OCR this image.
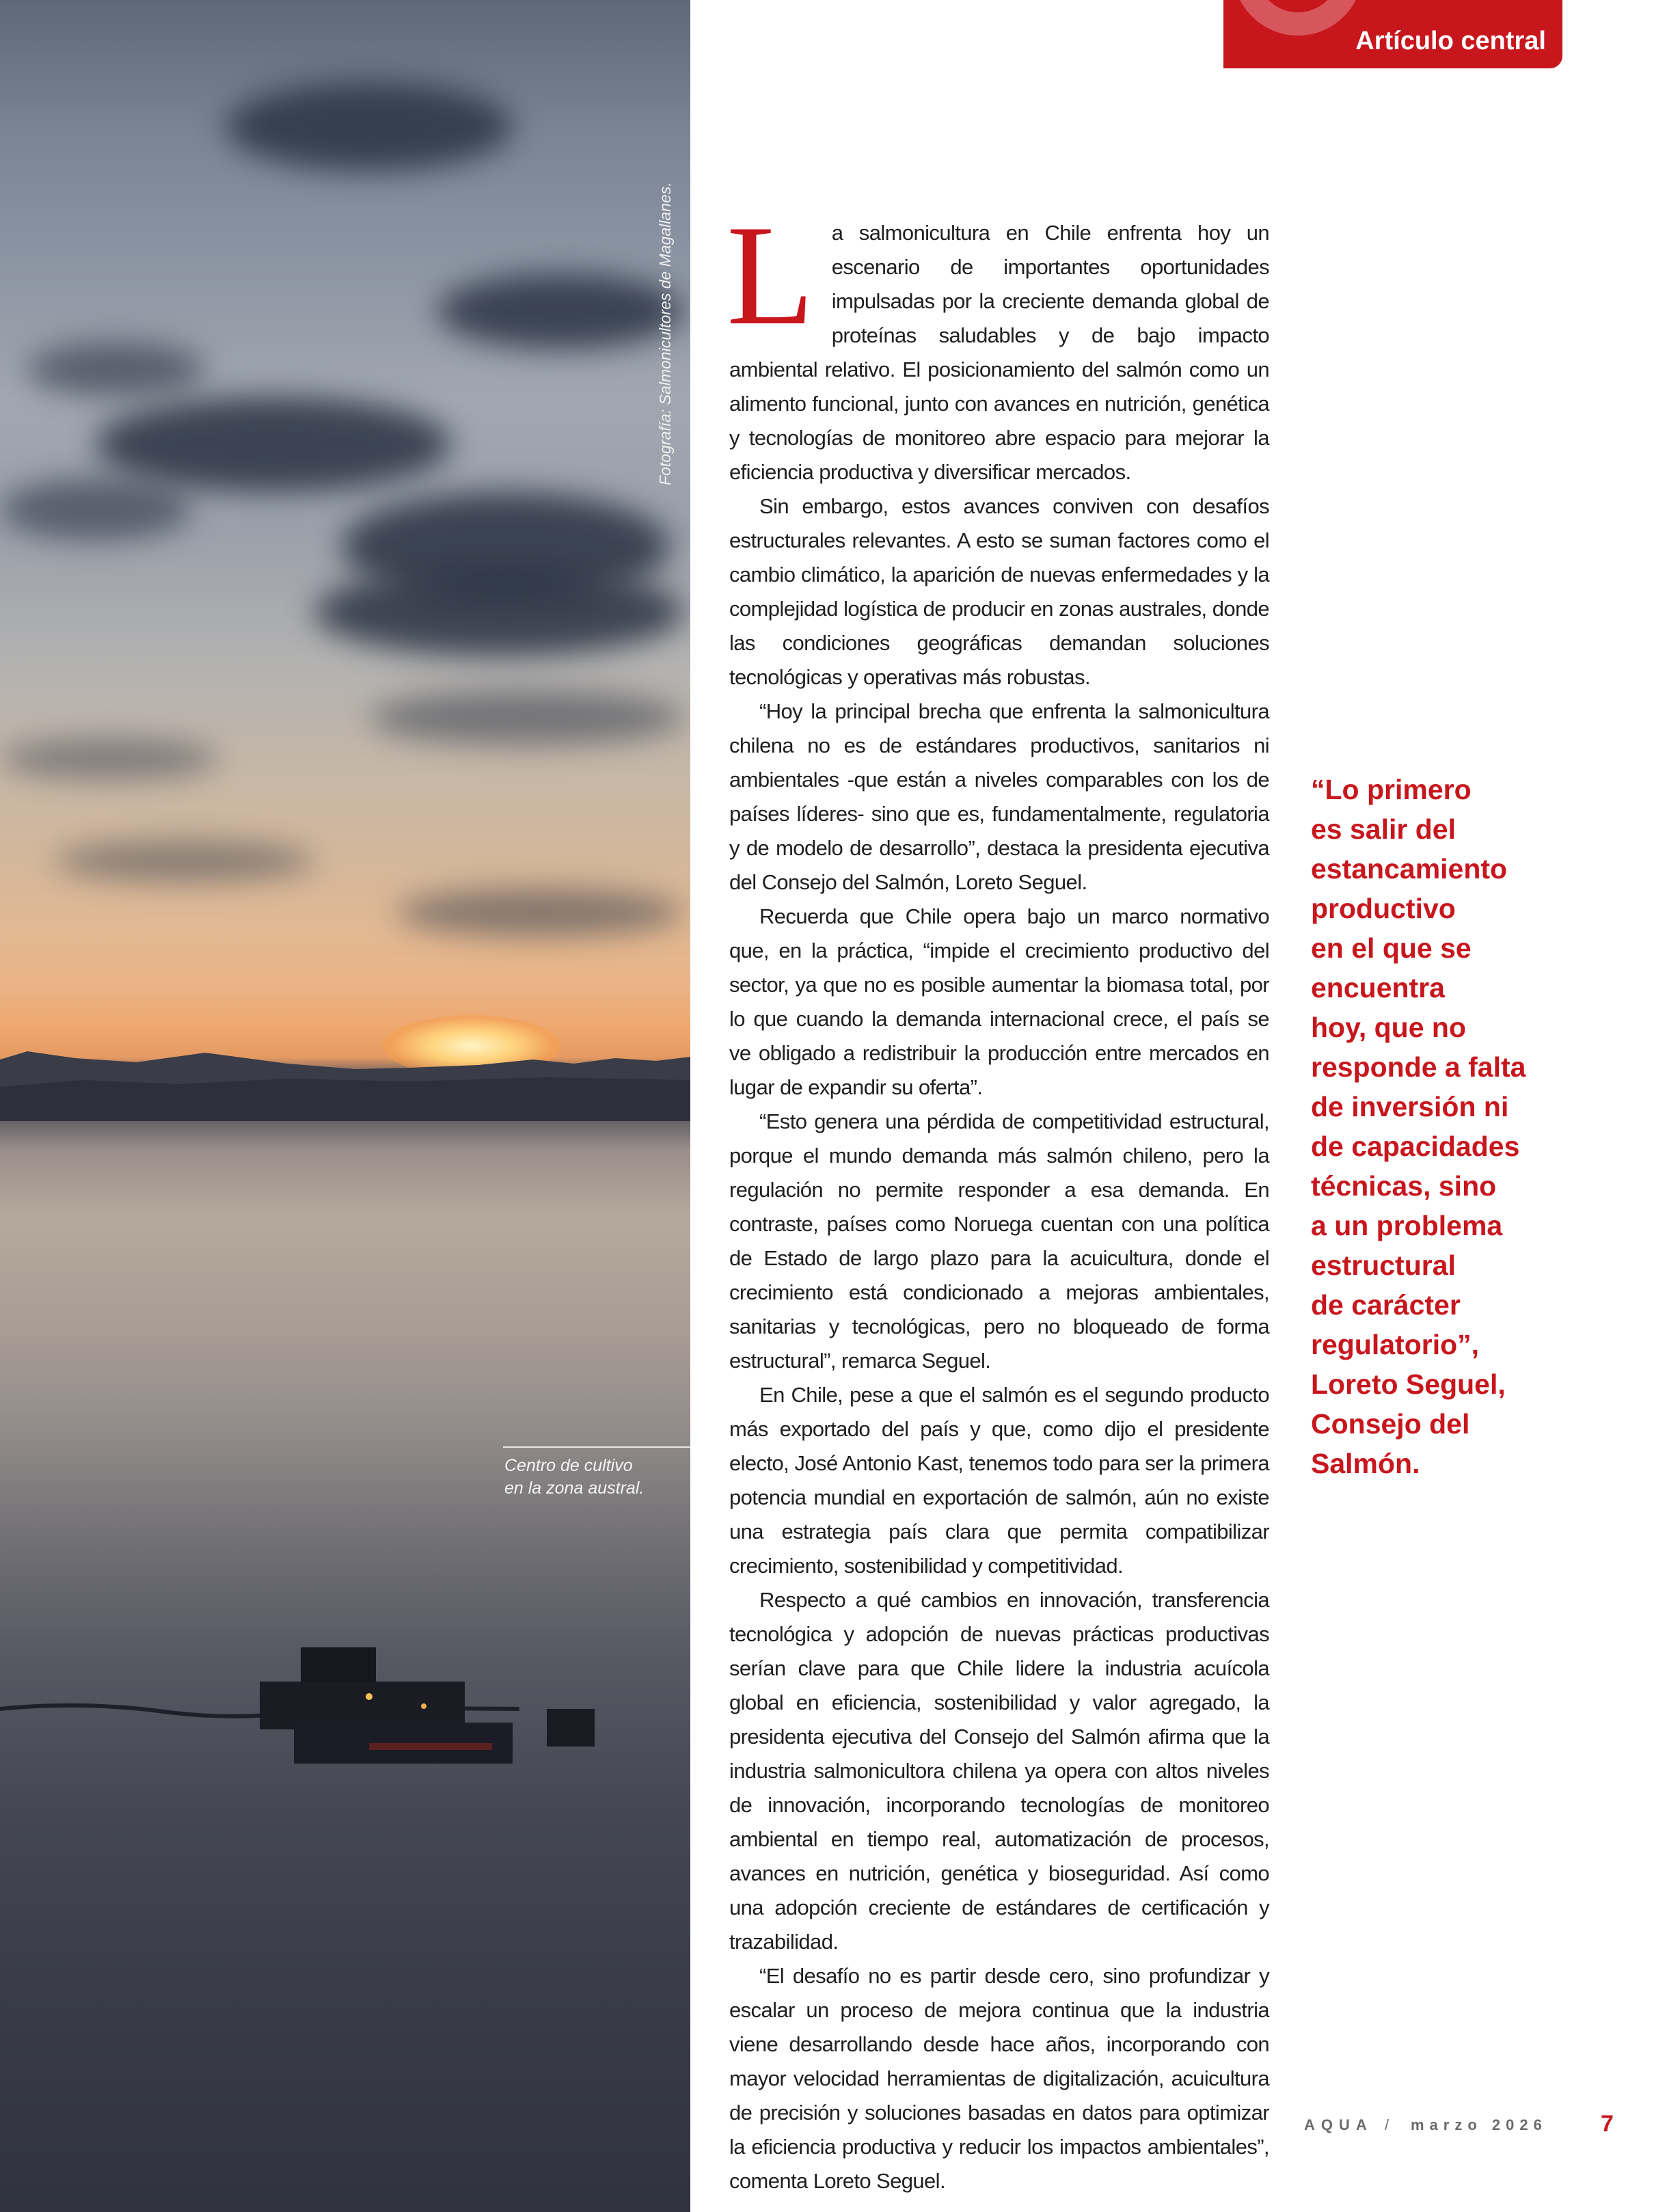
Fotografía: Salmonicultores de Magallanes.
Centro de cultivo
en la zona austral.
Artículo central

La salmonicultura en Chile enfrenta hoy un escenario de importantes oportunidades impulsadas por la creciente demanda global de proteínas saludables y de bajo impacto ambiental relativo. El posicionamiento del salmón como un alimento funcional, junto con avances en nutrición, genética y tecnologías de monitoreo abre espacio para mejorar la eficiencia productiva y diversificar mercados.

Sin embargo, estos avances conviven con desafíos estructurales relevantes. A esto se suman factores como el cambio climático, la aparición de nuevas enfermedades y la complejidad logística de producir en zonas australes, donde las condiciones geográficas demandan soluciones tecnológicas y operativas más robustas.

“Hoy la principal brecha que enfrenta la salmonicultura chilena no es de estándares productivos, sanitarios ni ambientales -que están a niveles comparables con los de países líderes- sino que es, fundamentalmente, regulatoria y de modelo de desarrollo”, destaca la presidenta ejecutiva del Consejo del Salmón, Loreto Seguel.

Recuerda que Chile opera bajo un marco normativo que, en la práctica, “impide el crecimiento productivo del sector, ya que no es posible aumentar la biomasa total, por lo que cuando la demanda internacional crece, el país se ve obligado a redistribuir la producción entre mercados en lugar de expandir su oferta”.

“Esto genera una pérdida de competitividad estructural, porque el mundo demanda más salmón chileno, pero la regulación no permite responder a esa demanda. En contraste, países como Noruega cuentan con una política de Estado de largo plazo para la acuicultura, donde el crecimiento está condicionado a mejoras ambientales, sanitarias y tecnológicas, pero no bloqueado de forma estructural”, remarca Seguel.

En Chile, pese a que el salmón es el segundo producto más exportado del país y que, como dijo el presidente electo, José Antonio Kast, tenemos todo para ser la primera potencia mundial en exportación de salmón, aún no existe una estrategia país clara que permita compatibilizar crecimiento, sostenibilidad y competitividad.

Respecto a qué cambios en innovación, transferencia tecnológica y adopción de nuevas prácticas productivas serían clave para que Chile lidere la industria acuícola global en eficiencia, sostenibilidad y valor agregado, la presidenta ejecutiva del Consejo del Salmón afirma que la industria salmonicultora chilena ya opera con altos niveles de innovación, incorporando tecnologías de monitoreo ambiental en tiempo real, automatización de procesos, avances en nutrición, genética y bioseguridad. Así como una adopción creciente de estándares de certificación y trazabilidad.

“El desafío no es partir desde cero, sino profundizar y escalar un proceso de mejora continua que la industria viene desarrollando desde hace años, incorporando con mayor velocidad herramientas de digitalización, acuicultura de precisión y soluciones basadas en datos para optimizar la eficiencia productiva y reducir los impactos ambientales”, comenta Loreto Seguel.

“Lo primero
es salir del
estancamiento
productivo
en el que se
encuentra
hoy, que no
responde a falta
de inversión ni
de capacidades
técnicas, sino
a un problema
estructural
de carácter
regulatorio”,
Loreto Seguel,
Consejo del
Salmón.
AQUA / marzo 2026 7
